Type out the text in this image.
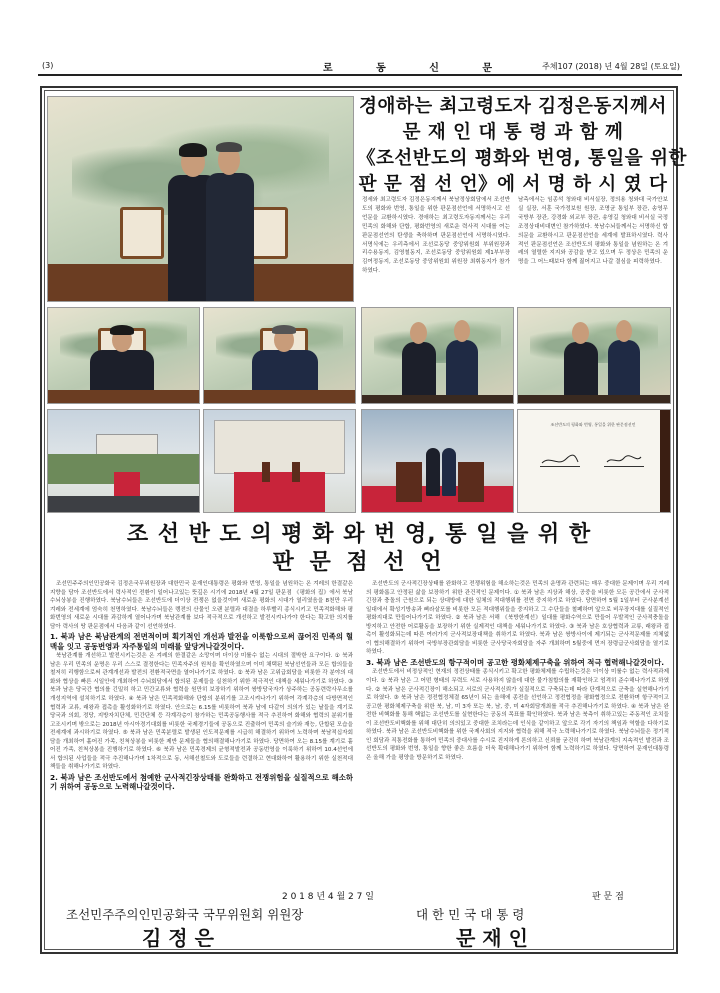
(3)	로 동 신 문	주체107 (2018) 년 4월 28일 (토요일)
경애하는 최고령도자 김정은동지께서
문 재 인 대 통 령 과 함 께
《조선반도의 평화와 번영, 통일을 위한
판 문 점 선 언》에 서 명 하 시 였 다
정세와 최고령도자 김정은동지께서 북남정상회담에서 조선반도의 평화와 번영, 통일을 위한 판문점선언에 서명하시고 선언문을 교환하시였다. 경애하는 최고령도자동지께서는 우리 민족의 화해와 단합, 평화번영의 새로운 력사적 시대를 여는 판문점선언의 탄생을 축하하며 판문점선언에 서명하시였다. 서명식에는 우리측에서 조선로동당 중앙위원회 부위원장과 리수용동지, 김영철동지, 조선로동당 중앙위원회 제1부부장 김여정동지, 조선로동당 중앙위원회 위원장 최휘동지가 참가하였다.
남측에서는 임종석 청와대 비서실장, 정의용 청와대 국가안보실 실장, 서훈 국가정보원 원장, 조명균 통일부 장관, 송영무 국방부 장관, 강경화 외교부 장관, 송영길 청와대 비서실 국정조정상대비대변인 참가하였다. 북남수뇌들께서는 서명하신 합의문을 교환하시고 판문점선언을 세계에 발표하시였다. 력사적인 판문점선언은 조선반도의 평화와 통일을 념원하는 온 겨레의 열렬한 지지와 공감을 받고 있으며 두 정상은 민족의 운명을 그 어느때보다 함께 짊어지고 나갈 결심을 피력하였다.
조선반도의 평화와 번영, 통일을 위한 판문점선언
조 선 반 도 의 평 화 와 번 영, 통 일 을 위 한
판 문 점 선 언

조선민주주의인민공화국 김정은국무위원장과 대한민국 문재인대통령은 평화와 번영, 통일을 념원하는 온 겨레의 한결같은 지향을 담아 조선반도에서 력사적인 전환이 일어나고있는 뜻깊은 시기에 2018년 4월 27일 판문점 《평화의 집》에서 북남수뇌상봉을 진행하였다. 북남수뇌들은 조선반도에 더이상 전쟁은 없을것이며 새로운 평화의 시대가 열리였음을 8천만 우리 겨레와 전세계에 엄숙히 천명하였다. 북남수뇌들은 랭전의 산물인 오랜 분렬과 대결을 하루빨리 종식시키고 민족적화해와 평화번영의 새로운 시대를 과감하게 열어나가며 북남관계를 보다 적극적으로 개선하고 발전시켜나가야 한다는 확고한 의지를 담아 력사의 땅 판문점에서 다음과 같이 선언하였다.

1. 북과 남은 북남관계의 전면적이며 획기적인 개선과 발전을 이룩함으로써 끊어진 민족의 혈맥을 잇고 공동번영과 자주통일의 미래를 앞당겨나갈것이다.

북남관계를 개선하고 발전시키는것은 온 겨레의 한결같은 소망이며 더이상 미룰수 없는 시대의 절박한 요구이다. ① 북과 남은 우리 민족의 운명은 우리 스스로 결정한다는 민족자주의 원칙을 확인하였으며 이미 채택된 북남선언들과 모든 합의들을 철저히 리행함으로써 관계개선과 발전의 전환적국면을 열어나가기로 하였다. ② 북과 남은 고위급회담을 비롯한 각 분야의 대화와 협상을 빠른 시일안에 개최하여 수뇌회담에서 합의된 문제들을 실천하기 위한 적극적인 대책을 세워나가기로 하였다. ③ 북과 남은 당국간 협의를 긴밀히 하고 민간교류와 협력을 원만히 보장하기 위하여 쌍방당국자가 상주하는 공동련락사무소를 개성지역에 설치하기로 하였다. ④ 북과 남은 민족적화해와 단합의 분위기를 고조시켜나가기 위하여 각계각층의 다방면적인 협력과 교류, 래왕과 접촉을 활성화하기로 하였다. 안으로는 6.15를 비롯하여 북과 남에 다같이 의의가 있는 날들을 계기로 당국과 의회, 정당, 지방자치단체, 민간단체 등 각계각층이 참가하는 민족공동행사를 적극 추진하여 화해와 협력의 분위기를 고조시키며 밖으로는 2018년 아시아경기대회를 비롯한 국제경기들에 공동으로 진출하여 민족의 슬기와 재능, 단합된 모습을 전세계에 과시하기로 하였다. ⑤ 북과 남은 민족분렬로 발생된 인도적문제를 시급히 해결하기 위하여 노력하며 북남적십자회담을 개최하여 흩어진 가족, 친척상봉을 비롯한 제반 문제들을 협의해결해나가기로 하였다. 당면하여 오는 8.15를 계기로 흩어진 가족, 친척상봉을 진행하기로 하였다. ⑥ 북과 남은 민족경제의 균형적발전과 공동번영을 이룩하기 위하여 10.4선언에서 합의된 사업들을 적극 추진해나가며 1차적으로 동, 서해선철도와 도로들을 련결하고 현대화하여 활용하기 위한 실천적대책들을 취해나가기로 하였다.

2. 북과 남은 조선반도에서 첨예한 군사적긴장상태를 완화하고 전쟁위험을 실질적으로 해소하기 위하여 공동으로 노력해나갈것이다.

조선반도의 군사적긴장상태를 완화하고 전쟁위험을 해소하는것은 민족의 운명과 관련되는 매우 중대한 문제이며 우리 겨레의 평화롭고 안정된 삶을 보장하기 위한 관건적인 문제이다. ① 북과 남은 지상과 해상, 공중을 비롯한 모든 공간에서 군사적긴장과 충돌의 근원으로 되는 상대방에 대한 일체의 적대행위를 전면 중지하기로 하였다. 당면하여 5월 1일부터 군사분계선일대에서 확성기방송과 삐라살포를 비롯한 모든 적대행위들을 중지하고 그 수단들을 철폐하며 앞으로 비무장지대를 실질적인 평화지대로 만들어나가기로 하였다. ② 북과 남은 서해 《북방한계선》일대를 평화수역으로 만들어 우발적인 군사적충돌을 방지하고 안전한 어로활동을 보장하기 위한 실제적인 대책을 세워나가기로 하였다. ③ 북과 남은 호상협력과 교류, 래왕과 접촉이 활성화되는데 따른 여러가지 군사적보장대책을 취하기로 하였다. 북과 남은 쌍방사이에 제기되는 군사적문제를 지체없이 협의해결하기 위하여 국방부장관회담을 비롯한 군사당국자회담을 자주 개최하며 5월중에 먼저 장령급군사회담을 열기로 하였다.

3. 북과 남은 조선반도의 항구적이며 공고한 평화체제구축을 위하여 적극 협력해나갈것이다.

조선반도에서 비정상적인 현재의 정전상태를 종식시키고 확고한 평화체제를 수립하는것은 더이상 미룰수 없는 력사적과제이다. ① 북과 남은 그 어떤 형태의 무력도 서로 사용하지 않을데 대한 불가침합의를 재확인하고 엄격히 준수해나가기로 하였다. ② 북과 남은 군사적긴장이 해소되고 서로의 군사적신뢰가 실질적으로 구축되는데 따라 단계적으로 군축을 실현해나가기로 하였다. ③ 북과 남은 정전협정체결 65년이 되는 올해에 종전을 선언하고 정전협정을 평화협정으로 전환하며 항구적이고 공고한 평화체제구축을 위한 북, 남, 미 3자 또는 북, 남, 중, 미 4자회담개최를 적극 추진해나가기로 하였다. ④ 북과 남은 완전한 비핵화를 통해 핵없는 조선반도를 실현한다는 공동의 목표를 확인하였다. 북과 남은 북측이 취하고있는 주동적인 조치들이 조선반도비핵화를 위해 대단히 의의있고 중대한 조치라는데 인식을 같이하고 앞으로 각기 자기의 책임과 역할을 다하기로 하였다. 북과 남은 조선반도비핵화를 위한 국제사회의 지지와 협력을 위해 적극 노력해나가기로 하였다. 북남수뇌들은 정기적인 회담과 직통전화를 통하여 민족의 중대사를 수시로 진지하게 론의하고 신뢰를 굳건히 하며 북남관계의 지속적인 발전과 조선반도의 평화와 번영, 통일을 향한 좋은 흐름을 더욱 확대해나가기 위하여 함께 노력하기로 하였다. 당면하여 문재인대통령은 올해 가을 평양을 방문하기로 하였다.

2 0 1 8 년 4 월 2 7 일	판 문 점
조선민주주의인민공화국 국무위원회 위원장
김 정 은
대 한 민 국 대 통 령
문 재 인
